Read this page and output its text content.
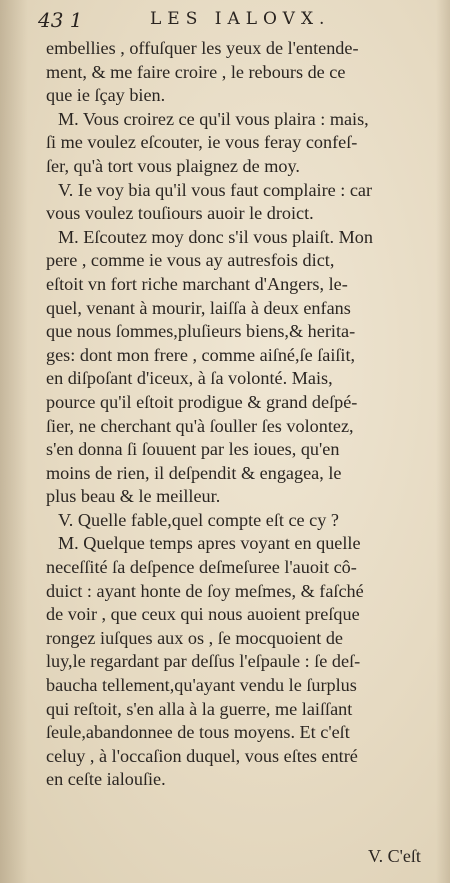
43 1	LES IALOVX.
embellies , offuſquer les yeux de l'entende-
ment, & me faire croire , le rebours de ce
que ie ſçay bien.
M. Vous croirez ce qu'il vous plaira : mais,
ſi me voulez eſcouter, ie vous feray confeſ-
ſer, qu'à tort vous plaignez de moy.
V. Ie voy bia qu'il vous faut complaire : car
vous voulez touſiours auoir le droict.
M. Eſcoutez moy donc s'il vous plaiſt. Mon
pere , comme ie vous ay autresfois dict,
eſtoit vn fort riche marchant d'Angers, le-
quel, venant à mourir, laiſſa à deux enfans
que nous ſommes,pluſieurs biens,& herita-
ges: dont mon frere , comme aiſné,ſe ſaiſit,
en diſpoſant d'iceux, à ſa volonté. Mais,
pource qu'il eſtoit prodigue & grand deſpé-
ſier, ne cherchant qu'à ſouller ſes volontez,
s'en donna ſi ſouuent par les ioues, qu'en
moins de rien, il deſpendit & engagea, le
plus beau & le meilleur.
V. Quelle fable,quel compte eſt ce cy ?
M. Quelque temps apres voyant en quelle
neceſſité ſa deſpence deſmeſuree l'auoit cô-
duict : ayant honte de ſoy meſmes, & faſché
de voir , que ceux qui nous auoient preſque
rongez iuſques aux os , ſe mocquoient de
luy,le regardant par deſſus l'eſpaule : ſe deſ-
baucha tellement,qu'ayant vendu le ſurplus
qui reſtoit, s'en alla à la guerre, me laiſſant
ſeule,abandonnee de tous moyens. Et c'eſt
celuy , à l'occaſion duquel, vous eſtes entré
en ceſte ialouſie.
V. C'eſt
